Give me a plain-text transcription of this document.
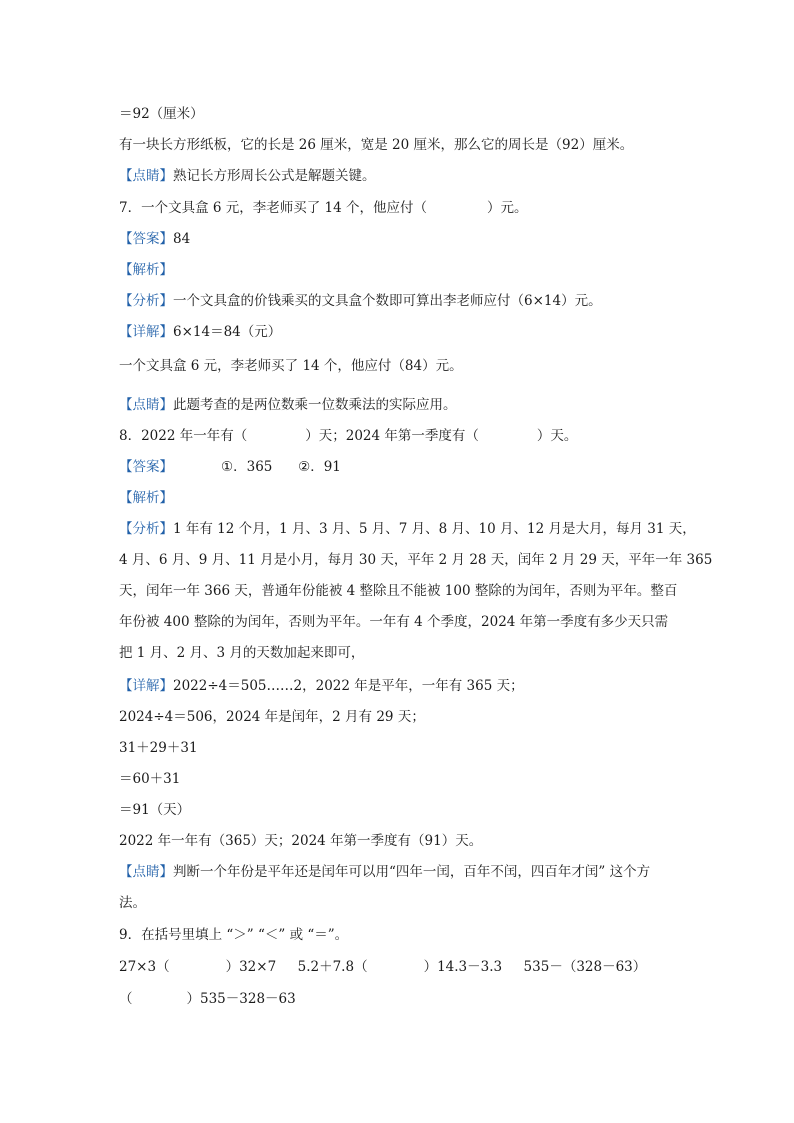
＝92（厘米）
有一块长方形纸板，它的长是 26 厘米，宽是 20 厘米，那么它的周长是（92）厘米。
【点睛】熟记长方形周长公式是解题关键。
7．一个文具盒 6 元，李老师买了 14 个，他应付（	）元。
【答案】84
【解析】
【分析】一个文具盒的价钱乘买的文具盒个数即可算出李老师应付（6×14）元。
【详解】6×14＝84（元）
一个文具盒 6 元，李老师买了 14 个，他应付（84）元。
【点睛】此题考查的是两位数乘一位数乘法的实际应用。
8．2022 年一年有（	）天；2024 年第一季度有（	）天。
【答案】	①．365      ②．91
【解析】
【分析】1 年有 12 个月，1 月、3 月、5 月、7 月、8 月、10 月、12 月是大月，每月 31 天，
4 月、6 月、9 月、11 月是小月，每月 30 天，平年 2 月 28 天，闰年 2 月 29 天，平年一年 365
天，闰年一年 366 天，普通年份能被 4 整除且不能被 100 整除的为闰年，否则为平年。整百
年份被 400 整除的为闰年，否则为平年。一年有 4 个季度，2024 年第一季度有多少天只需
把 1 月、2 月、3 月的天数加起来即可，
【详解】2022÷4＝505……2，2022 年是平年，一年有 365 天；
2024÷4＝506，2024 年是闰年，2 月有 29 天；
31＋29＋31
＝60＋31
＝91（天）
2022 年一年有（365）天；2024 年第一季度有（91）天。
【点睛】判断一个年份是平年还是闰年可以用“四年一闰，百年不闰，四百年才闰” 这个方
法。
9．在括号里填上 “＞” “＜” 或 “＝”。
27×3（	）32×7     5.2＋7.8（	）14.3－3.3     535－（328－63）
（	）535－328－63
